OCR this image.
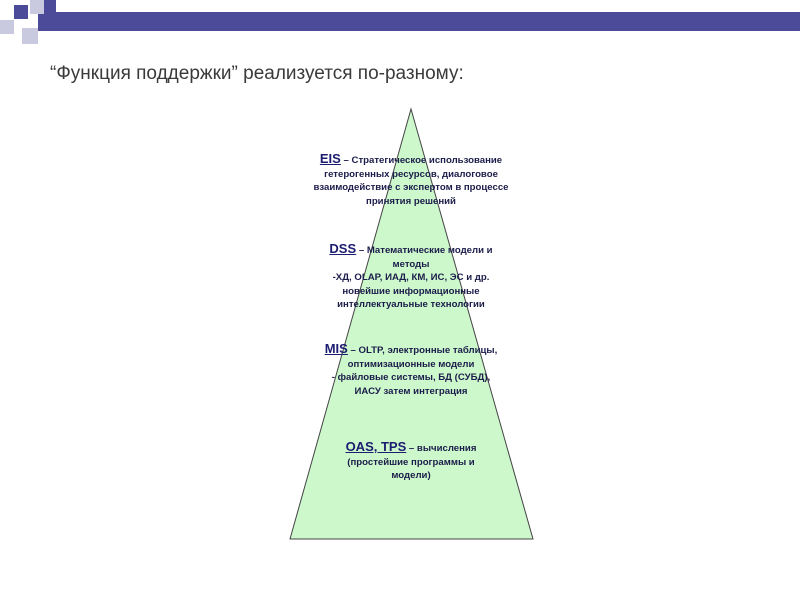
“Функция поддержки” реализуется по-разному:

EIS – Стратегическое использование

гетерогенных ресурсов, диалоговое

взаимодействие с экспертом в процессе

принятия решений

DSS – Математические модели и

методы

-ХД, OLAP, ИАД, КМ, ИС, ЭС и др.

новейшие информационные

интеллектуальные технологии

MIS – OLTP, электронные таблицы,

оптимизационные модели

- файловые системы, БД (СУБД),

ИАСУ затем интеграция

OAS, TPS – вычисления

(простейшие программы и

модели)
